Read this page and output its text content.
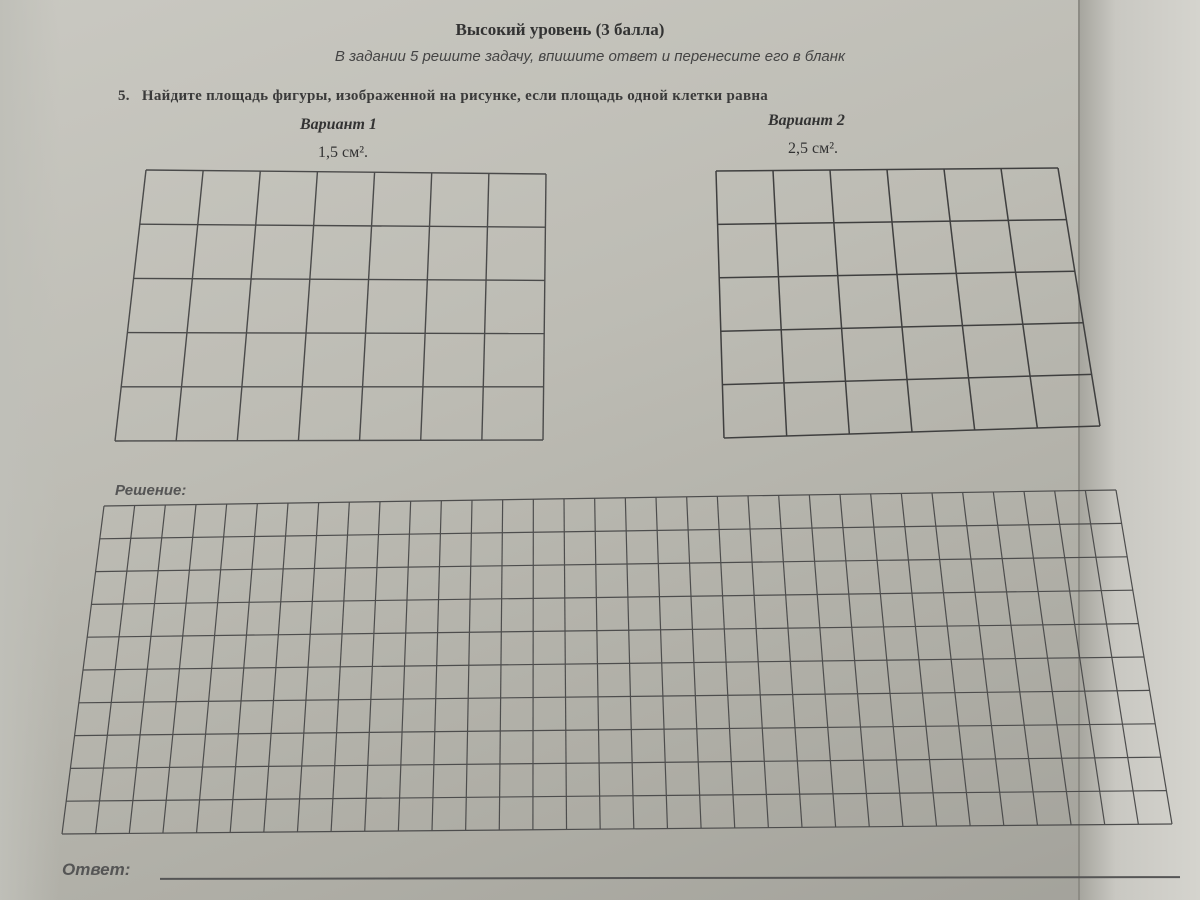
Высокий уровень (3 балла)
В задании 5 решите задачу, впишите ответ и перенесите его в бланк
5. Найдите площадь фигуры, изображенной на рисунке, если площадь одной клетки равна
Вариант 1
1,5 см².
Вариант 2
2,5 см².
Решение:
Ответ:
